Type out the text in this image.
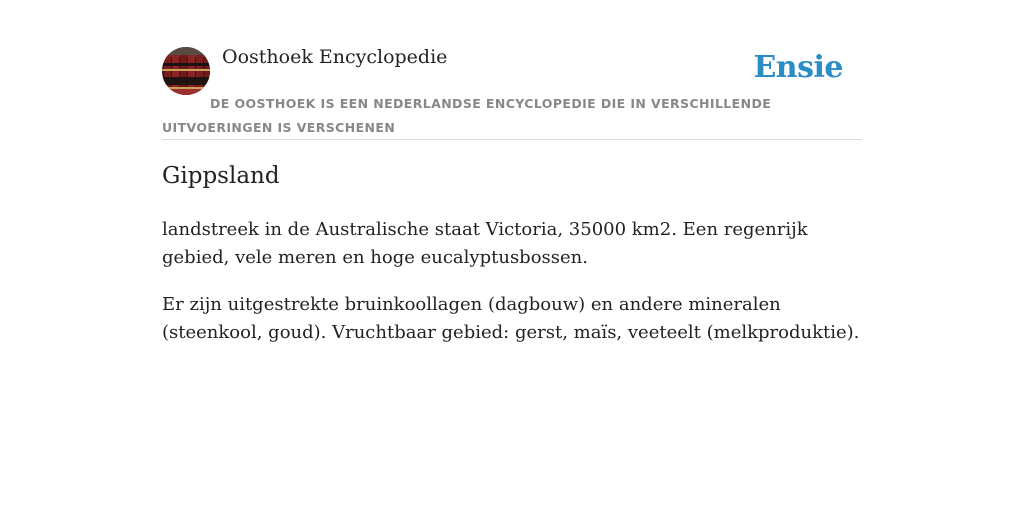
Oosthoek Encyclopedie	Ensie
DE OOSTHOEK IS EEN NEDERLANDSE ENCYCLOPEDIE DIE IN VERSCHILLENDE UITVOERINGEN IS VERSCHENEN
Gippsland

landstreek in de Australische staat Victoria, 35000 km2. Een regenrijk gebied, vele meren en hoge eucalyptusbossen.

Er zijn uitgestrekte bruinkoollagen (dagbouw) en andere mineralen (steenkool, goud). Vruchtbaar gebied: gerst, maïs, veeteelt (melkproduktie).
